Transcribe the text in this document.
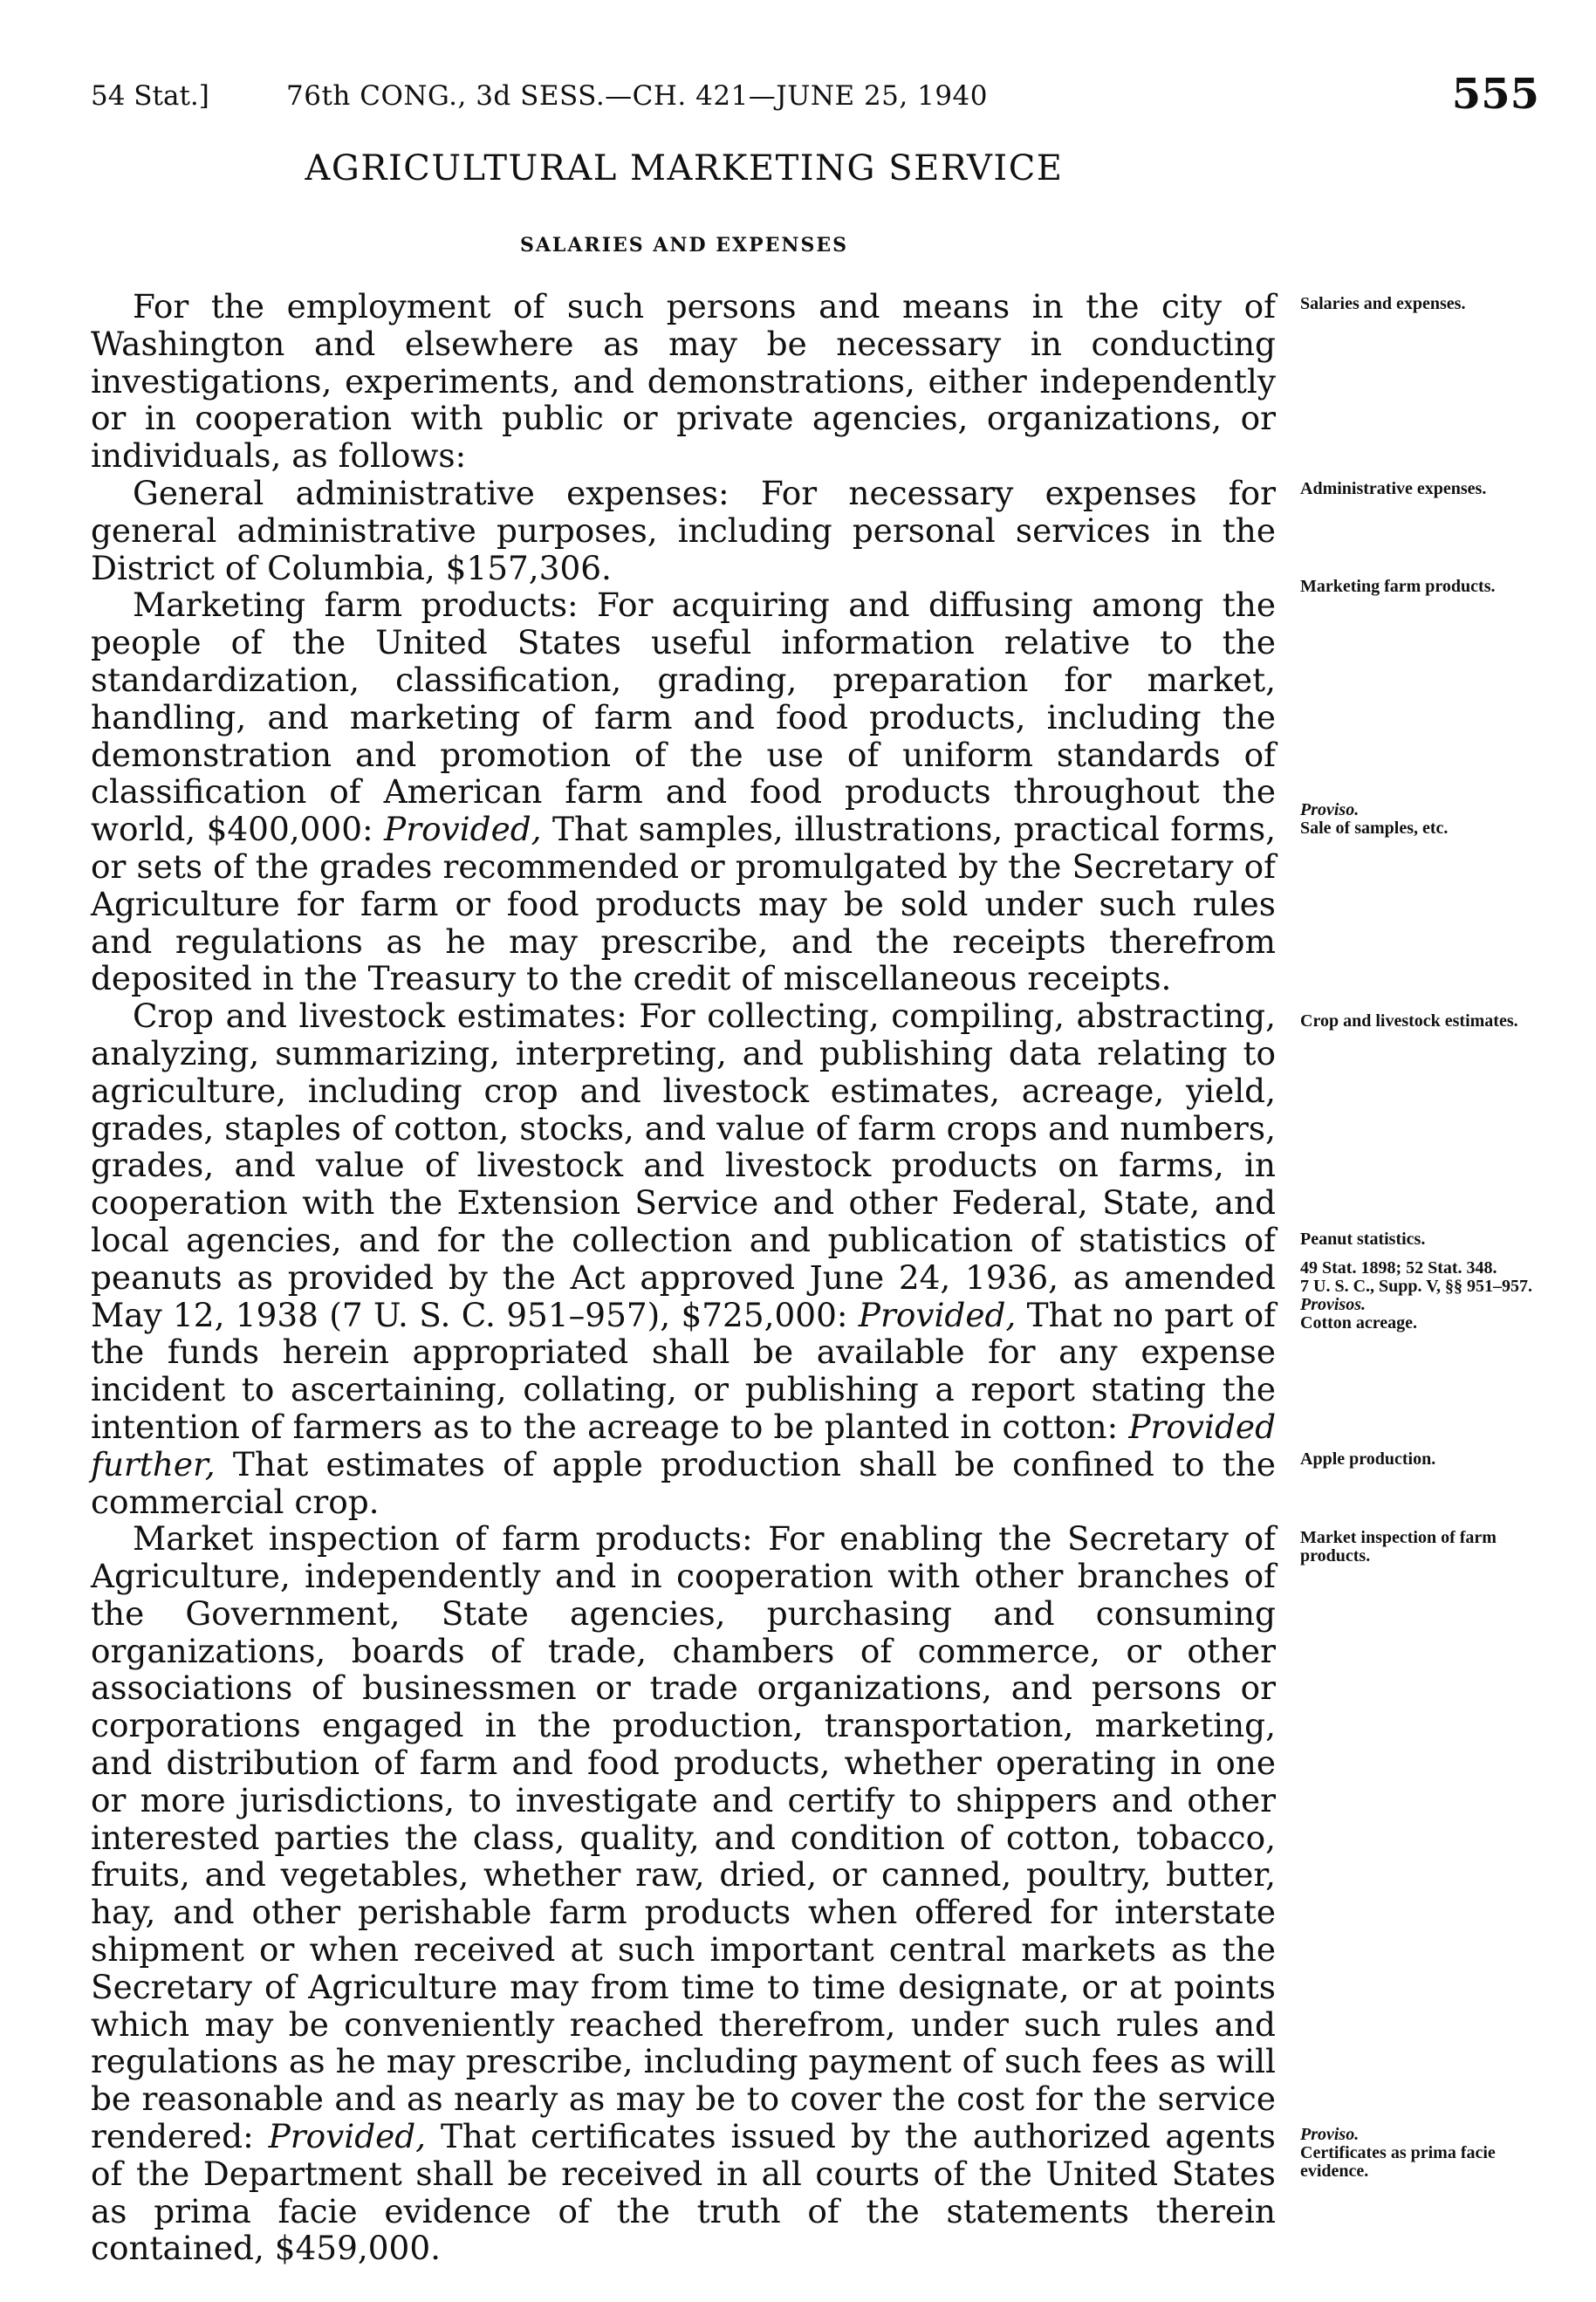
54 Stat.]	76th CONG., 3d SESS.—CH. 421—JUNE 25, 1940	555
AGRICULTURAL MARKETING SERVICE
SALARIES AND EXPENSES

For the employment of such persons and means in the city of Washington and elsewhere as may be necessary in conducting investigations, experiments, and demonstrations, either independently or in cooperation with public or private agencies, organizations, or individuals, as follows:

General administrative expenses: For necessary expenses for general administrative purposes, including personal services in the District of Columbia, $157,306.

Marketing farm products: For acquiring and diffusing among the people of the United States useful information relative to the standardization, classification, grading, preparation for market, handling, and marketing of farm and food products, including the demonstration and promotion of the use of uniform standards of classification of American farm and food products throughout the world, $400,000: Provided, That samples, illustrations, practical forms, or sets of the grades recommended or promulgated by the Secretary of Agriculture for farm or food products may be sold under such rules and regulations as he may prescribe, and the receipts therefrom deposited in the Treasury to the credit of miscellaneous receipts.

Crop and livestock estimates: For collecting, compiling, abstracting, analyzing, summarizing, interpreting, and publishing data relating to agriculture, including crop and livestock estimates, acreage, yield, grades, staples of cotton, stocks, and value of farm crops and numbers, grades, and value of livestock and livestock products on farms, in cooperation with the Extension Service and other Federal, State, and local agencies, and for the collection and publication of statistics of peanuts as provided by the Act approved June 24, 1936, as amended May 12, 1938 (7 U. S. C. 951–957), $725,000: Provided, That no part of the funds herein appropriated shall be available for any expense incident to ascertaining, collating, or publishing a report stating the intention of farmers as to the acreage to be planted in cotton: Provided further, That estimates of apple production shall be confined to the commercial crop.

Market inspection of farm products: For enabling the Secretary of Agriculture, independently and in cooperation with other branches of the Government, State agencies, purchasing and consuming organizations, boards of trade, chambers of commerce, or other associations of businessmen or trade organizations, and persons or corporations engaged in the production, transportation, marketing, and distribution of farm and food products, whether operating in one or more jurisdictions, to investigate and certify to shippers and other interested parties the class, quality, and condition of cotton, tobacco, fruits, and vegetables, whether raw, dried, or canned, poultry, butter, hay, and other perishable farm products when offered for interstate shipment or when received at such important central markets as the Secretary of Agriculture may from time to time designate, or at points which may be conveniently reached therefrom, under such rules and regulations as he may prescribe, including payment of such fees as will be reasonable and as nearly as may be to cover the cost for the service rendered: Provided, That certificates issued by the authorized agents of the Department shall be received in all courts of the United States as prima facie evidence of the truth of the statements therein contained, $459,000.

Salaries and expenses.
Administrative expenses.
Marketing farm products.
Proviso.
Sale of samples, etc.
Crop and livestock estimates.
Peanut statistics.
49 Stat. 1898; 52 Stat. 348.
7 U. S. C., Supp. V, §§ 951–957.
Provisos.
Cotton acreage.
Apple production.
Market inspection of farm products.
Proviso.
Certificates as prima facie evidence.
